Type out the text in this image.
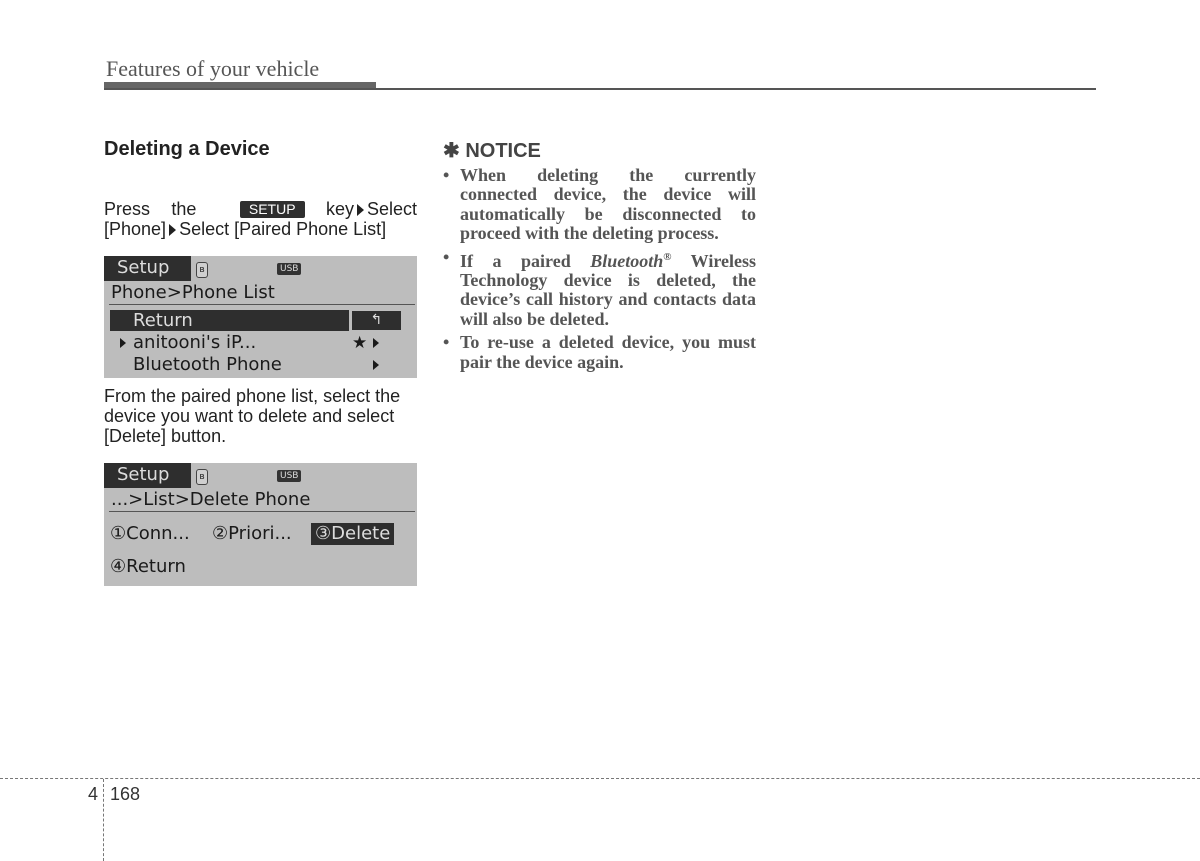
Features of your vehicle
Deleting a Device
Press the	SETUP	key Select
[Phone] Select [Paired Phone List]
Setup	ʙ	USB
Phone>Phone List
Return	↰
anitooni's iP...	★
Bluetooth Phone
From the paired phone list, select the device you want to delete and select [Delete] button.
Setup	ʙ	USB
...>List>Delete Phone
①Conn... ②Priori... ③Delete
④Return
✱ NOTICE
• When deleting the currently connected device, the device will automatically be disconnected to proceed with the deleting process.
• If a paired Bluetooth® Wireless Technology device is deleted, the device’s call history and contacts data will also be deleted.
• To re-use a deleted device, you must pair the device again.
4 168
